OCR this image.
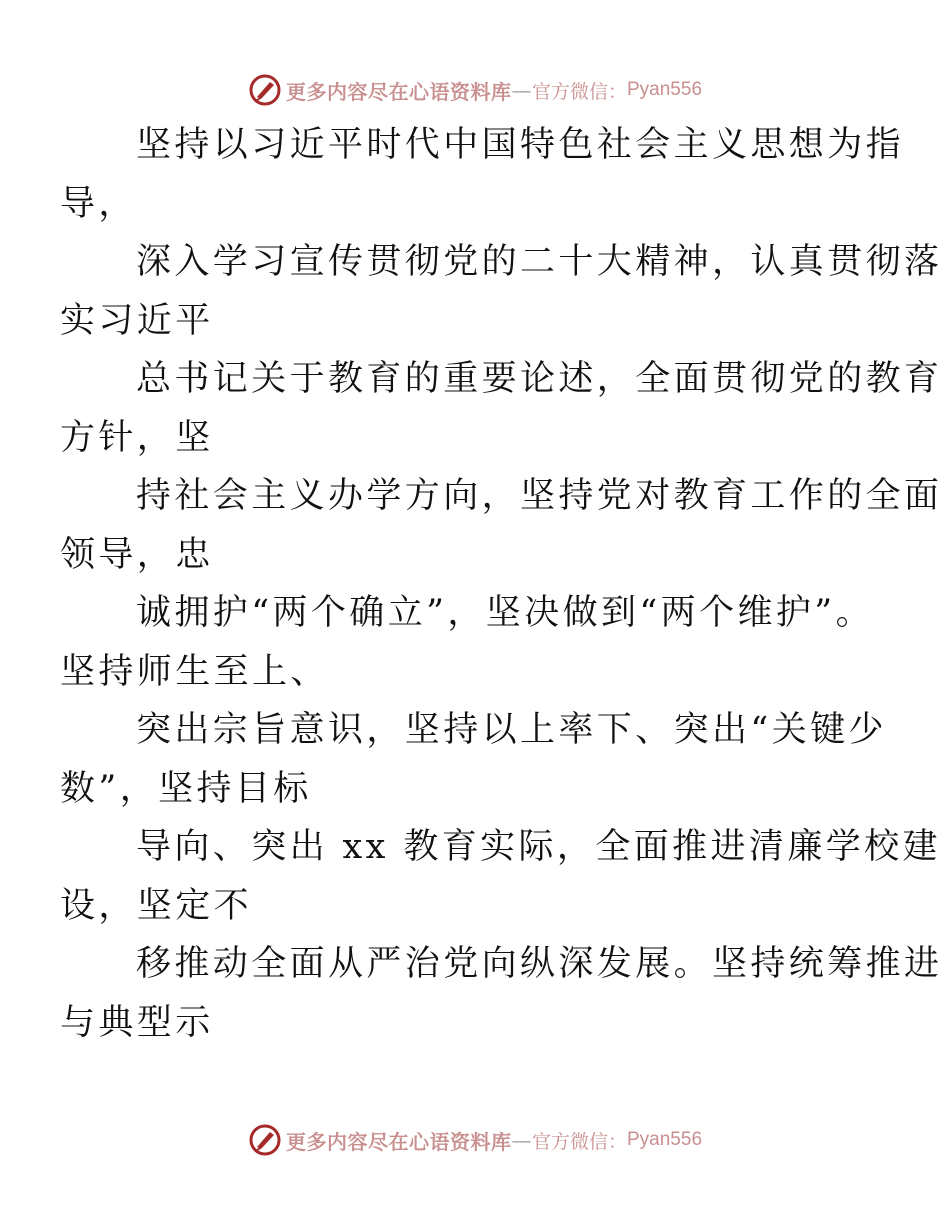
更多内容尽在心语资料库 — 官方微信： Pyan556

坚持以习近平时代中国特色社会主义思想为指
导，

深入学习宣传贯彻党的二十大精神，认真贯彻落
实习近平

总书记关于教育的重要论述，全面贯彻党的教育
方针，坚

持社会主义办学方向，坚持党对教育工作的全面
领导，忠

诚拥护“两个确立”，坚决做到“两个维护”。
坚持师生至上、

突出宗旨意识，坚持以上率下、突出“关键少
数”，坚持目标

导向、突出 xx 教育实际，全面推进清廉学校建
设，坚定不

移推动全面从严治党向纵深发展。坚持统筹推进
与典型示

更多内容尽在心语资料库 — 官方微信： Pyan556
